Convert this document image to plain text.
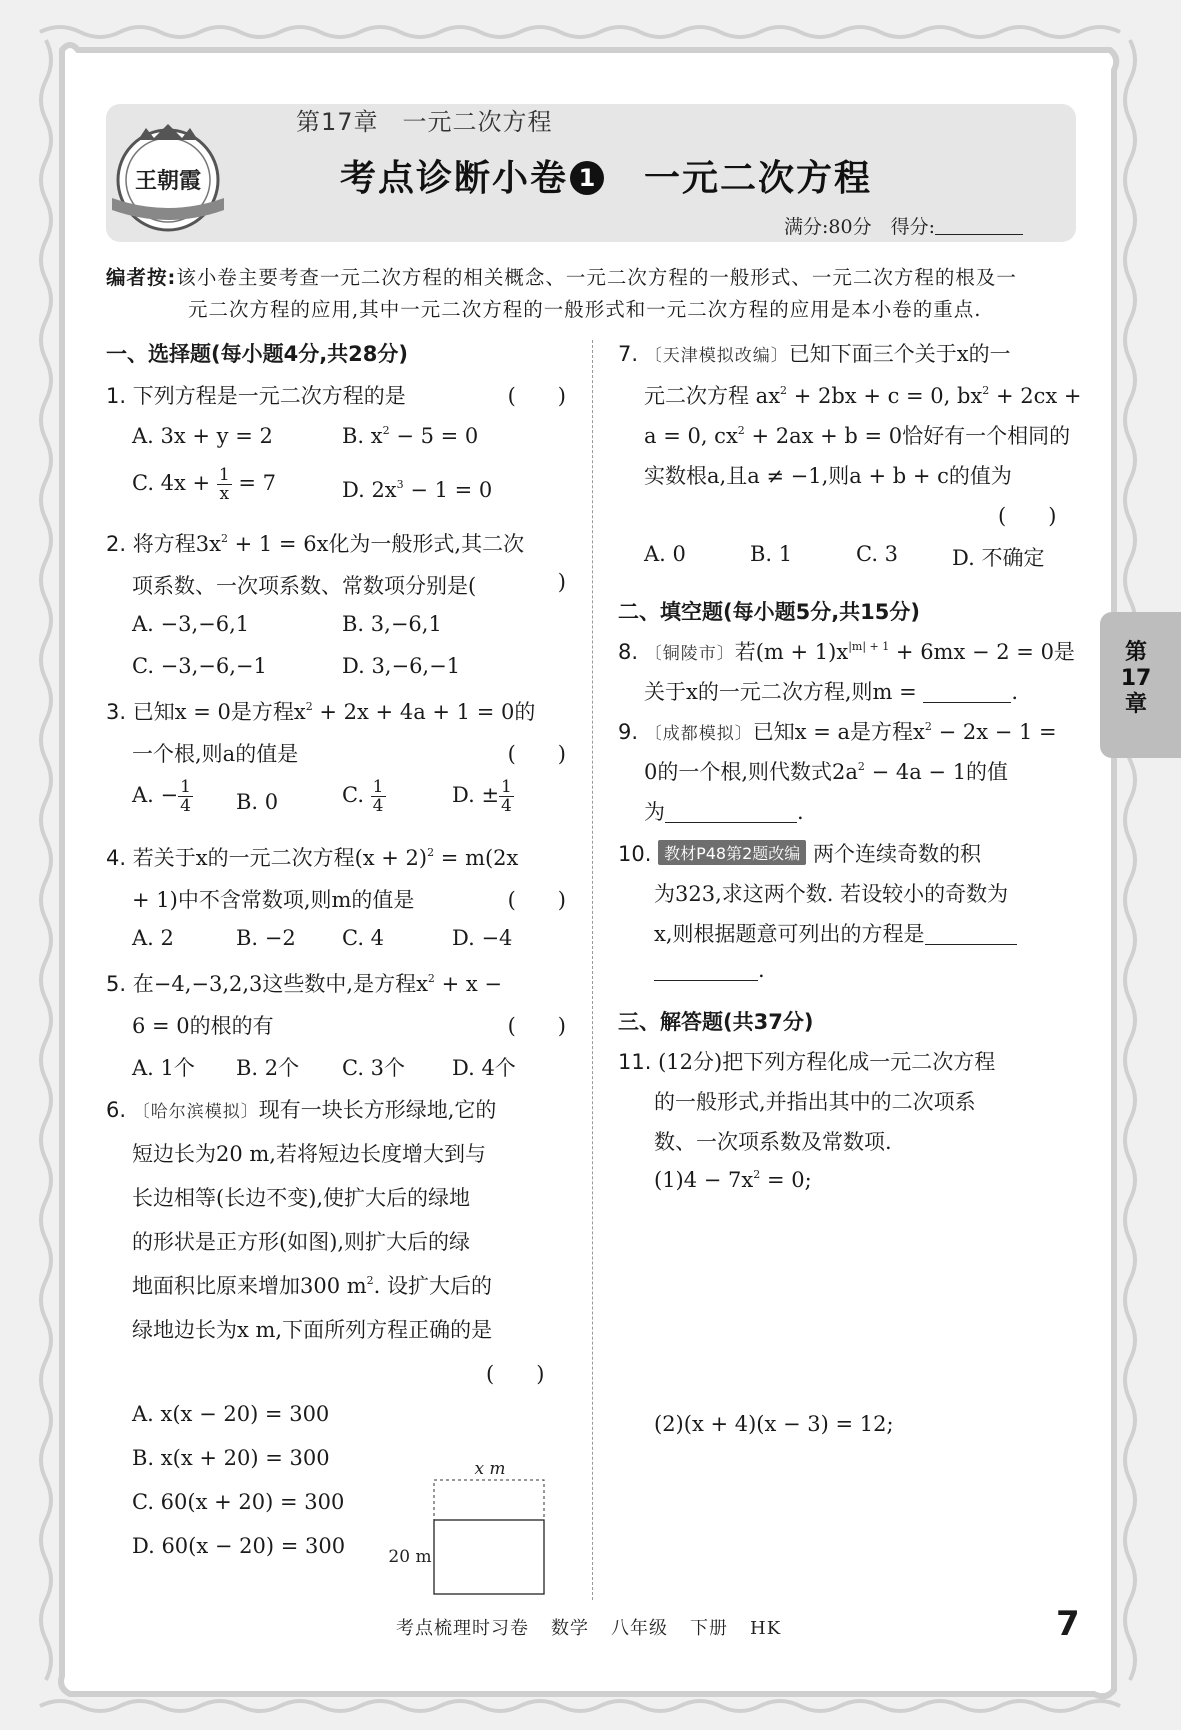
王朝霞
第17章 一元二次方程
考点诊断小卷 1 一元二次方程
满分:80分　得分:
编者按:该小卷主要考查一元二次方程的相关概念、一元二次方程的一般形式、一元二次方程的根及一
元二次方程的应用,其中一元二次方程的一般形式和一元二次方程的应用是本小卷的重点.
一、选择题(每小题4分,共28分)
1. 下列方程是一元二次方程的是	(　　)
A. 3x + y = 2	B. $x^2 - 5 = 0$
C. $4x + \frac{1}{x} = 7$	D. $2x^3 - 1 = 0$
2. 将方程$3x^2 + 1 = 6x$化为一般形式,其二次
项系数、一次项系数、常数项分别是(	)
A. −3,−6,1	B. 3,−6,1
C. −3,−6,−1	D. 3,−6,−1
3. 已知x = 0是方程$x^2 + 2x + 4a + 1 = 0$的
一个根,则a的值是	(　　)
A. − $\frac{1}{4} B$. 0	C. $\frac{1}{4}$	D. ± $\frac{1}{4}$
4. 若关于x的一元二次方程$(x + 2)^2 = m(2x$
+ 1)中不含常数项,则m的值是	(　　)
A. 2	B. −2 C. 4	D. −4
5. 在−4,−3,2,3这些数中,是方程$x^2 + x$ −
6 = 0的根的有	(　　)
A. 1个 B. 2个 C. 3个 D. 4个
6. 〔哈尔滨模拟〕现有一块长方形绿地,它的
短边长为20 m,若将短边长度增大到与
长边相等(长边不变),使扩大后的绿地
的形状是正方形(如图),则扩大后的绿
地面积比原来增加300 $m^2$. 设扩大后的
绿地边长为x m,下面所列方程正确的是
(　　)
A. x(x − 20) = 300
B. x(x + 20) = 300
C. 60(x + 20) = 300
D. 60(x − 20) = 300
x m
20 m
7. 〔天津模拟改编〕已知下面三个关于x的一
元二次方程 $ax^2 + 2bx + c = 0$, $bx^2 + 2cx$ +
a = 0, $cx^2 + 2ax + b = 0$恰好有一个相同的
实数根a,且a ≠ −1,则a + b + c的值为
(　　)
A. 0	B. 1	C. 3	D. 不确定
二、填空题(每小题5分,共15分)
8. 〔铜陵市〕若$(m + 1)x^{|m| + 1} + 6mx - 2 = 0$是
关于x的一元二次方程,则m =	.
9. 〔成都模拟〕已知x = a是方程$x^2 - 2x - 1$ =
0的一个根,则代数式$2a^2 - 4a - 1$的值
为	.
10. 教材P48第2题改编 两个连续奇数的积
为323,求这两个数. 若设较小的奇数为
x,则根据题意可列出的方程是
.
三、解答题(共37分)
11. (12分)把下列方程化成一元二次方程
的一般形式,并指出其中的二次项系
数、一次项系数及常数项.
$(1)4 - 7x^2 = 0$;
(2)(x + 4)(x − 3) = 12;
第
17
章
考点梳理时习卷 数学 八年级 下册 HK	7
